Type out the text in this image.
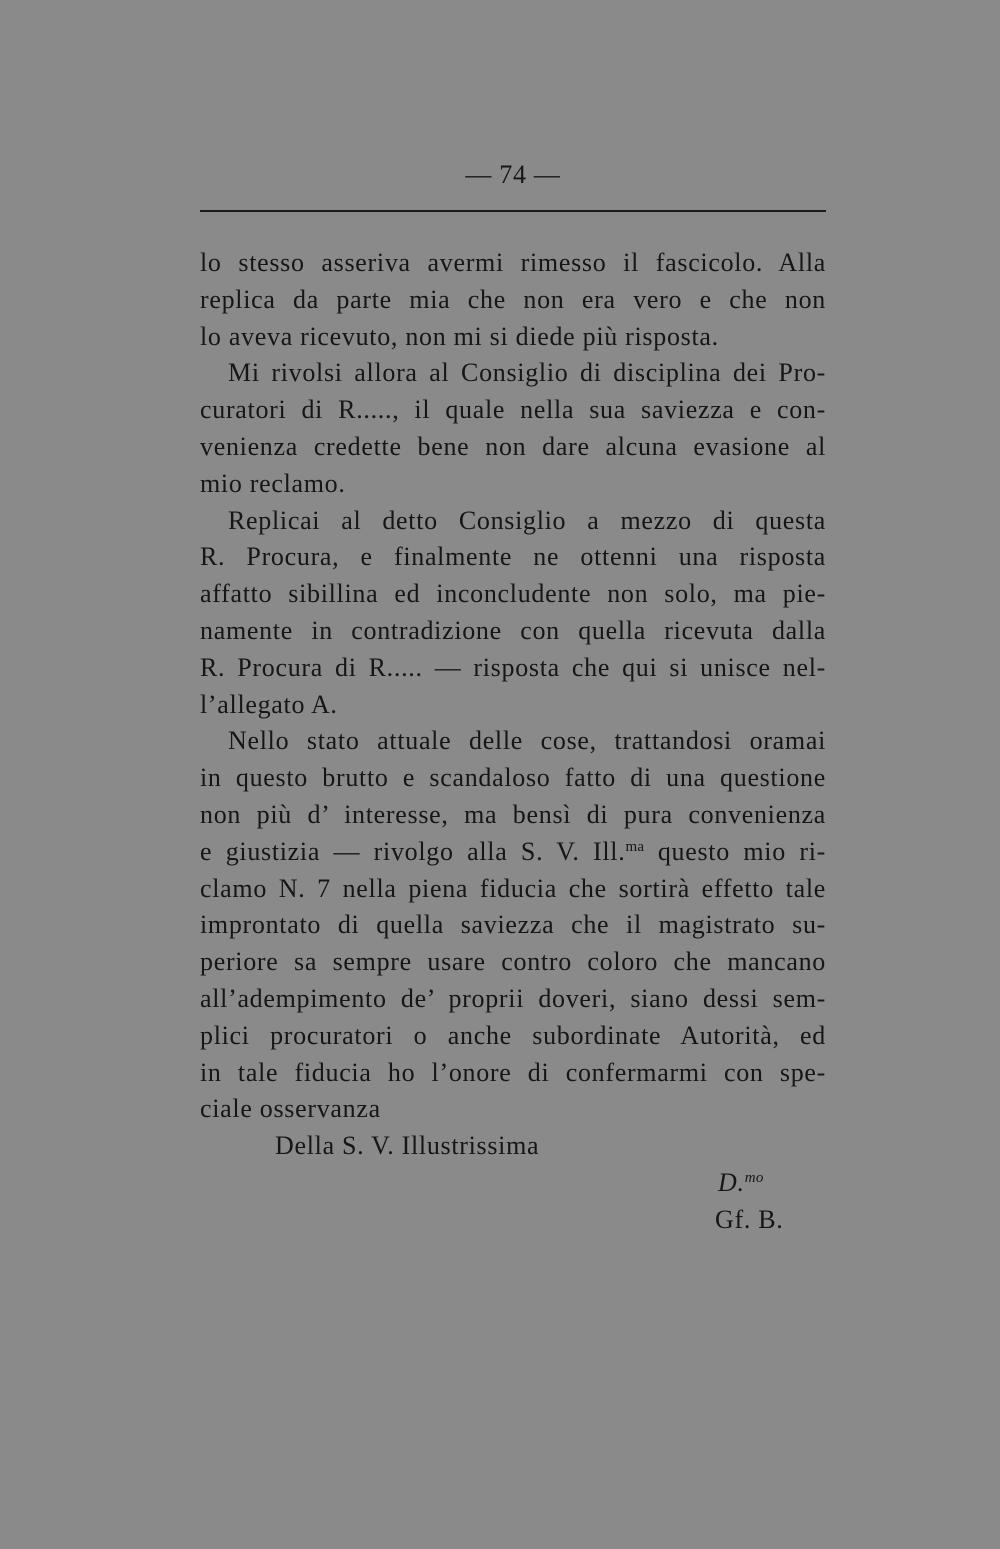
— 74 —
lo stesso asseriva avermi rimesso il fascicolo. Alla
replica da parte mia che non era vero e che non
lo aveva ricevuto, non mi si diede più risposta.
Mi rivolsi allora al Consiglio di disciplina dei Pro-
curatori di R....., il quale nella sua saviezza e con-
venienza credette bene non dare alcuna evasione al
mio reclamo.
Replicai al detto Consiglio a mezzo di questa
R. Procura, e finalmente ne ottenni una risposta
affatto sibillina ed inconcludente non solo, ma pie-
namente in contradizione con quella ricevuta dalla
R. Procura di R..... — risposta che qui si unisce nel-
l’allegato A.
Nello stato attuale delle cose, trattandosi oramai
in questo brutto e scandaloso fatto di una questione
non più d’ interesse, ma bensì di pura convenienza
e giustizia — rivolgo alla S. V. Ill.$^{ma}$ questo mio ri-
clamo N. 7 nella piena fiducia che sortirà effetto tale
improntato di quella saviezza che il magistrato su-
periore sa sempre usare contro coloro che mancano
all’adempimento de’ proprii doveri, siano dessi sem-
plici procuratori o anche subordinate Autorità, ed
in tale fiducia ho l’onore di confermarmi con spe-
ciale osservanza
Della S. V. Illustrissima
D.$^{mo}$
Gf. B.
